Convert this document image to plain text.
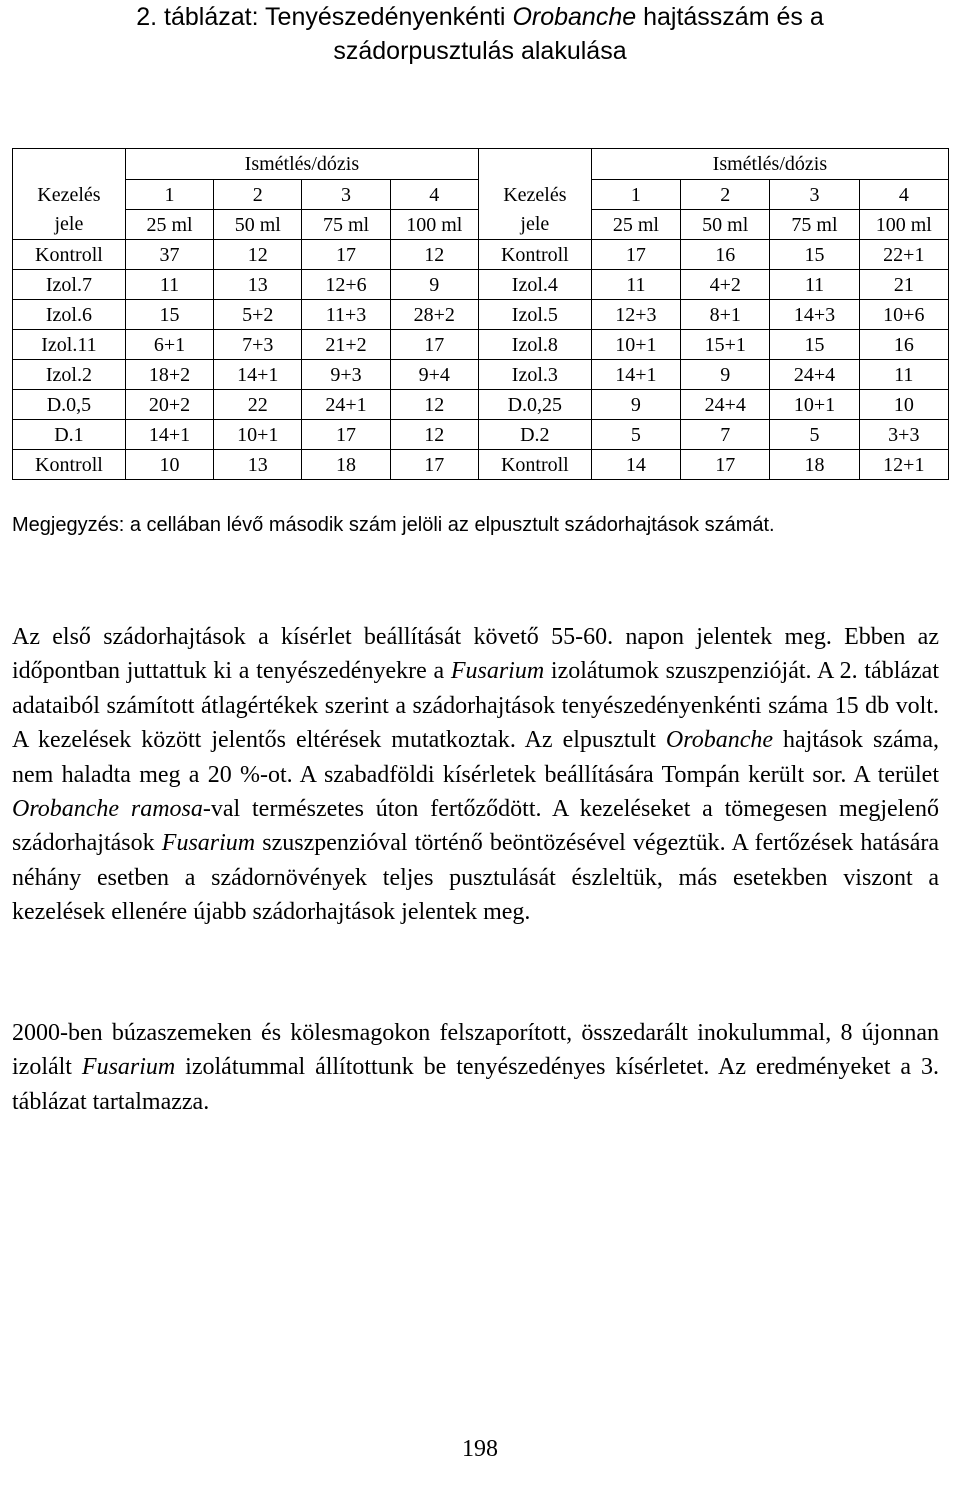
2. táblázat: Tenyészedényenkénti Orobanche hajtásszám és a
szádorpusztulás alakulása
	Ismétlés/dózis					Ismétlés/dózis			
Kezelés	1	2	3	4	Kezelés	1	2	3	4
jele	25 ml	50 ml	75 ml	100 ml	jele	25 ml	50 ml	75 ml	100 ml
Kontroll	37	12	17	12	Kontroll	17	16	15	22+1
Izol.7	11	13	12+6	9	Izol.4	11	4+2	11	21
Izol.6	15	5+2	11+3	28+2	Izol.5	12+3	8+1	14+3	10+6
Izol.11	6+1	7+3	21+2	17	Izol.8	10+1	15+1	15	16
Izol.2	18+2	14+1	9+3	9+4	Izol.3	14+1	9	24+4	11
D.0,5	20+2	22	24+1	12	D.0,25	9	24+4	10+1	10
D.1	14+1	10+1	17	12	D.2	5	7	5	3+3
Kontroll	10	13	18	17	Kontroll	14	17	18	12+1
Megjegyzés: a cellában lévő második szám jelöli az elpusztult szádorhajtások számát.

Az első szádorhajtások a kísérlet beállítását követő 55-60. napon jelentek meg. Ebben az időpontban juttattuk ki a tenyészedényekre a Fusarium izolátumok szuszpenzióját. A 2. táblázat adataiból számított átlagértékek szerint a szádorhajtások tenyészedényenkénti száma 15 db volt. A kezelések között jelentős eltérések mutatkoztak. Az elpusztult Orobanche hajtások száma, nem haladta meg a 20 %-ot. A szabadföldi kísérletek beállítására Tompán került sor. A terület Orobanche ramosa-val természetes úton fertőződött. A kezeléseket a tömegesen megjelenő szádorhajtások Fusarium szuszpenzióval történő beöntözésével végeztük. A fertőzések hatására néhány esetben a szádornövények teljes pusztulását észleltük, más esetekben viszont a kezelések ellenére újabb szádorhajtások jelentek meg.

2000-ben búzaszemeken és kölesmagokon felszaporított, összedarált inokulummal, 8 újonnan izolált Fusarium izolátummal állítottunk be tenyészedényes kísérletet. Az eredményeket a 3. táblázat tartalmazza.

198
